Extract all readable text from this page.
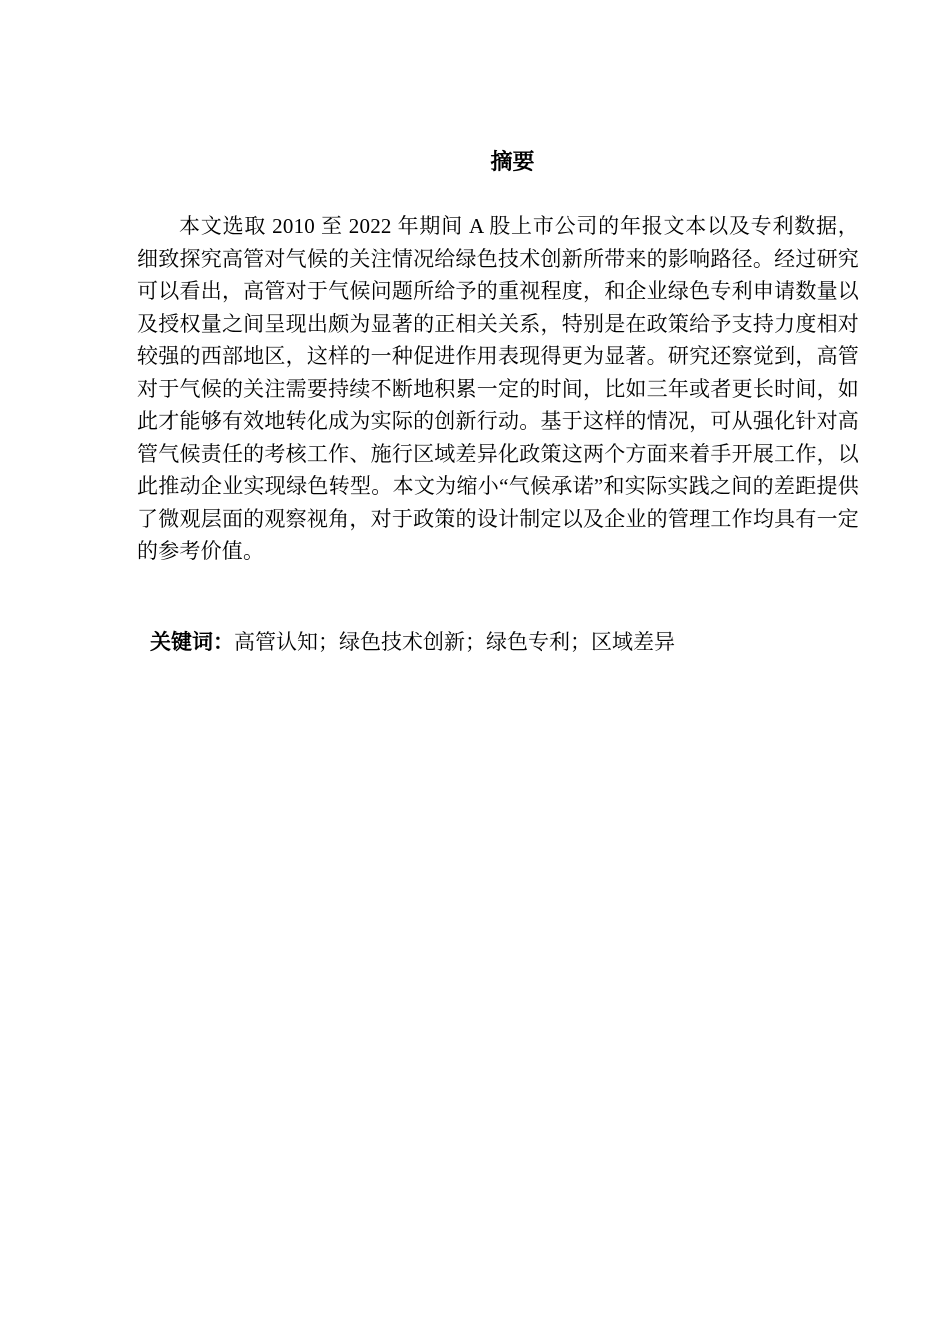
摘要

本文选取 2010 至 2022 年期间 A 股上市公司的年报文本以及专利数据，细致探究高管对气候的关注情况给绿色技术创新所带来的影响路径。经过研究可以看出，高管对于气候问题所给予的重视程度，和企业绿色专利申请数量以及授权量之间呈现出颇为显著的正相关关系，特别是在政策给予支持力度相对较强的西部地区，这样的一种促进作用表现得更为显著。研究还察觉到，高管对于气候的关注需要持续不断地积累一定的时间，比如三年或者更长时间，如此才能够有效地转化成为实际的创新行动。基于这样的情况，可从强化针对高管气候责任的考核工作、施行区域差异化政策这两个方面来着手开展工作，以此推动企业实现绿色转型。本文为缩小“气候承诺”和实际实践之间的差距提供了微观层面的观察视角，对于政策的设计制定以及企业的管理工作均具有一定的参考价值。

关键词：高管认知；绿色技术创新；绿色专利；区域差异
